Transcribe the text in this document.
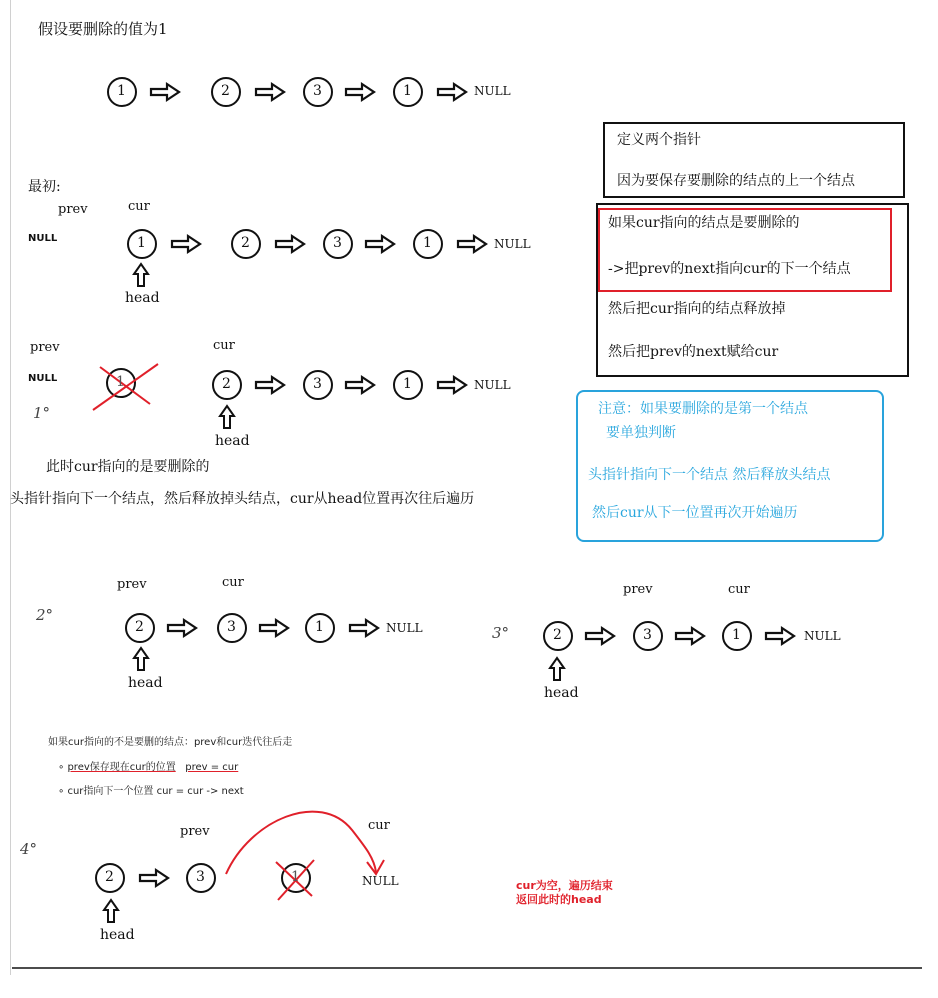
假设要删除的值为1
1	2	3	1	NULL
最初:
prev	cur
NULL	1	2	3	1	NULL
head
prev	cur
NULL	1	2	3	1	NULL
1°
head
此时cur指向的是要删除的
头指针指向下一个结点，然后释放掉头结点，cur从head位置再次往后遍历
prev	cur
2°
2	3	1	NULL
head
prev	cur
3°	2	3	1	NULL
head
如果cur指向的不是要删的结点：prev和cur迭代往后走
∘ prev保存现在cur的位置 prev = cur
∘ cur指向下一个位置 cur = cur -> next
prev	cur
4°
2	3	1	NULL
head
cur为空，遍历结束
返回此时的head
定义两个指针
因为要保存要删除的结点的上一个结点
如果cur指向的结点是要删除的
->把prev的next指向cur的下一个结点
然后把cur指向的结点释放掉
然后把prev的next赋给cur
注意：如果要删除的是第一个结点
要单独判断
头指针指向下一个结点 然后释放头结点
然后cur从下一位置再次开始遍历
